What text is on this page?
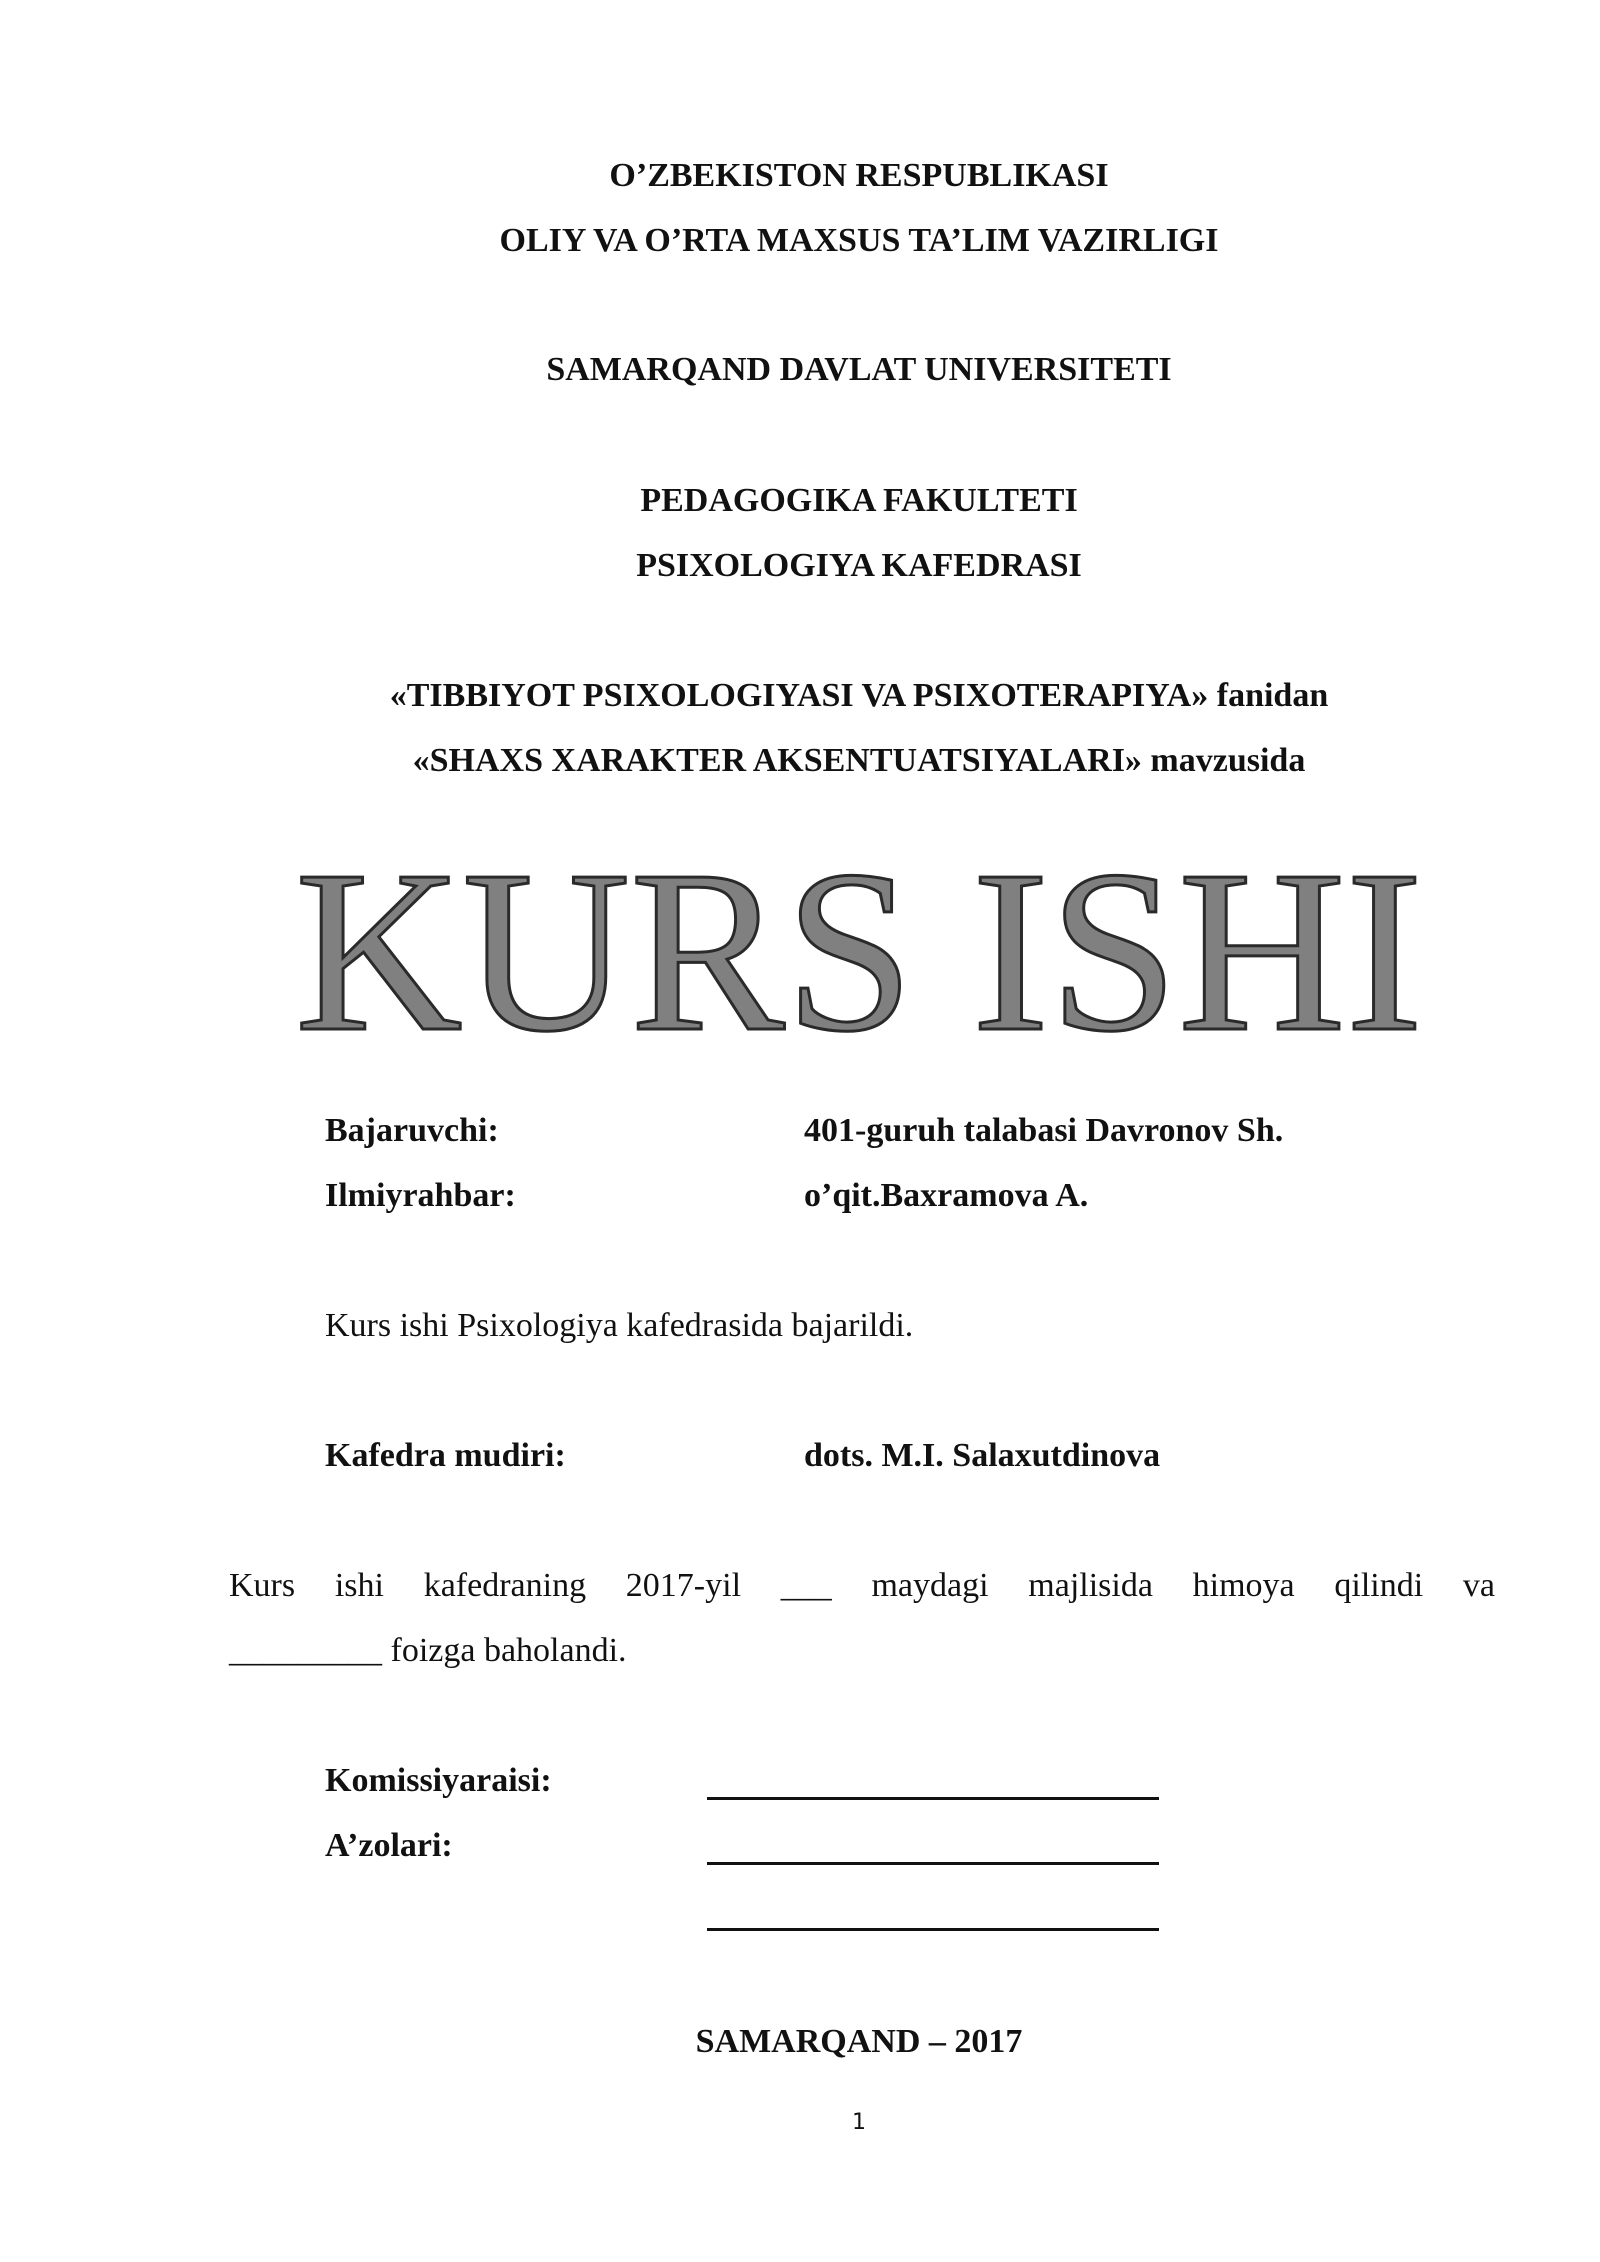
O’ZBEKISTON RESPUBLIKASI
OLIY VA O’RTA MAXSUS TA’LIM VAZIRLIGI
SAMARQAND DAVLAT UNIVERSITETI
PEDAGOGIKA FAKULTETI
PSIXOLOGIYA KAFEDRASI
«TIBBIYOT PSIXOLOGIYASI VA PSIXOTERAPIYA» fanidan
«SHAXS XARAKTER AKSENTUATSIYALARI» mavzusida
KURS ISHI
Bajaruvchi:	401-guruh talabasi Davronov Sh.
Ilmiyrahbar:	o’qit.Baxramova A.
Kurs ishi Psixologiya kafedrasida bajarildi.
Kafedra mudiri:	dots. M.I. Salaxutdinova
Kurs ishi kafedraning 2017-yil ___ maydagi majlisida himoya qilindi va
_________ foizga baholandi.
Komissiyaraisi:
A’zolari:
SAMARQAND – 2017
1
